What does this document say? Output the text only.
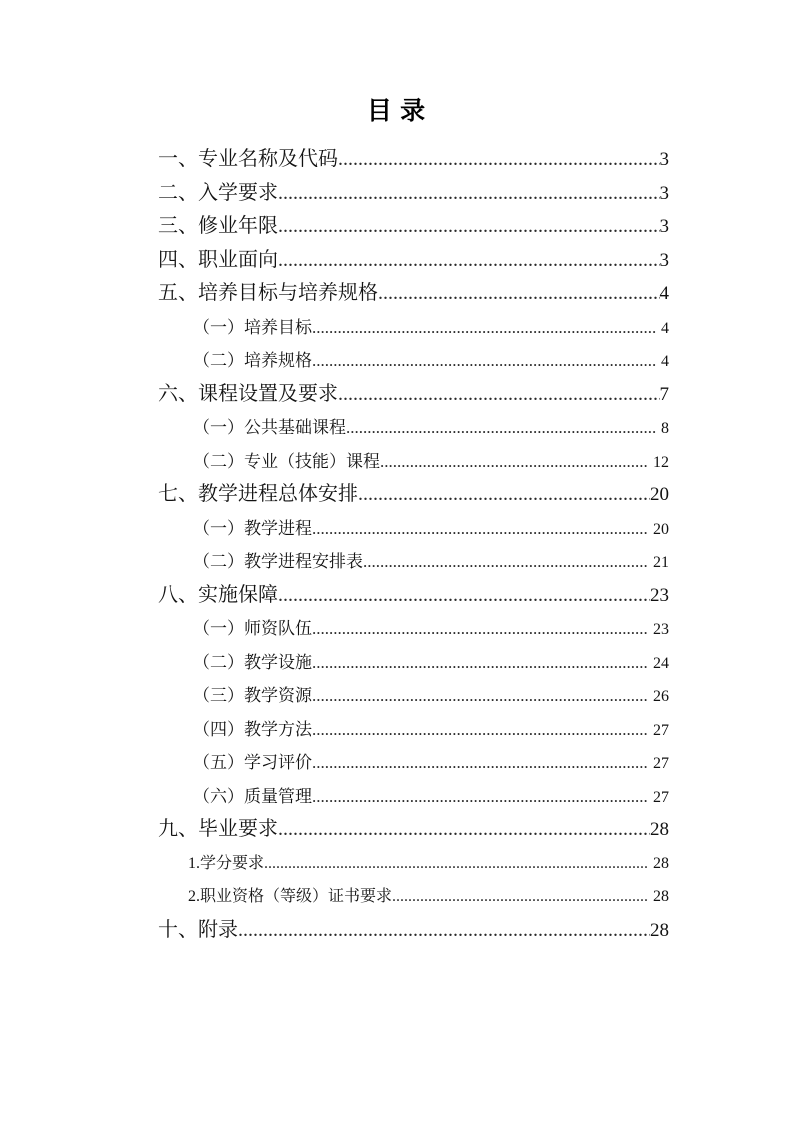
目 录
一、专业名称及代码 .....	3
二、入学要求 .....	3
三、修业年限 .....	3
四、职业面向 .....	3
五、培养目标与培养规格 .....	4
（一）培养目标 .....	4
（二）培养规格 .....	4
六、课程设置及要求 .....	7
（一）公共基础课程 .....	8
（二）专业（技能）课程 .....	12
七、教学进程总体安排 .....	20
（一）教学进程 .....	20
（二）教学进程安排表 .....	21
八、实施保障 .....	23
（一）师资队伍 .....	23
（二）教学设施 .....	24
（三）教学资源 .....	26
（四）教学方法 .....	27
（五）学习评价 .....	27
（六）质量管理 .....	27
九、毕业要求 .....	28
1.学分要求 .....	28
2.职业资格（等级）证书要求 .....	28
十、附录 .....	28
